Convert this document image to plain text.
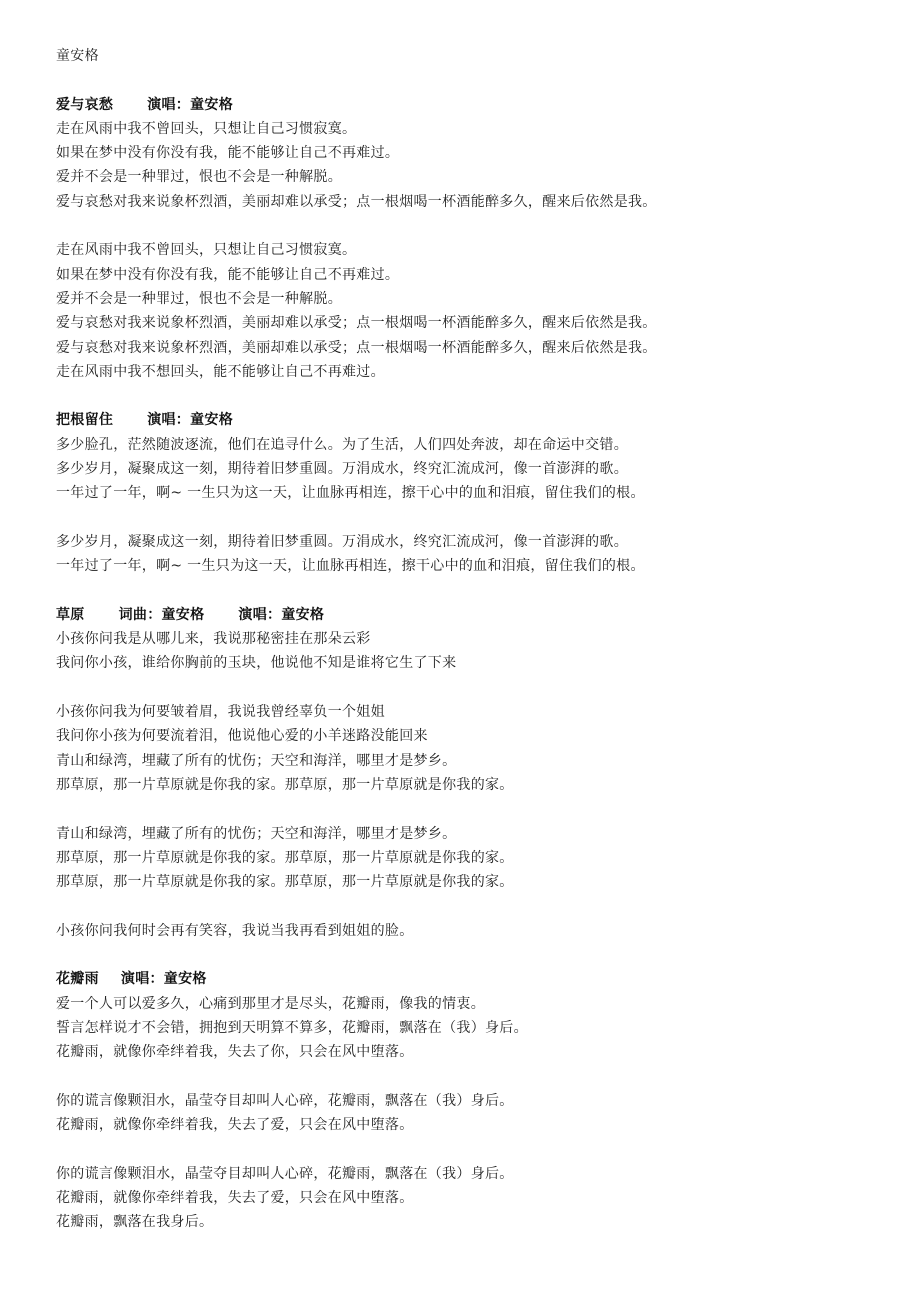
童安格
爱与哀愁 演唱：童安格
走在风雨中我不曾回头，只想让自己习惯寂寞。
如果在梦中没有你没有我，能不能够让自己不再难过。
爱并不会是一种罪过，恨也不会是一种解脱。
爱与哀愁对我来说象杯烈酒，美丽却难以承受；点一根烟喝一杯酒能醉多久，醒来后依然是我。
走在风雨中我不曾回头，只想让自己习惯寂寞。
如果在梦中没有你没有我，能不能够让自己不再难过。
爱并不会是一种罪过，恨也不会是一种解脱。
爱与哀愁对我来说象杯烈酒，美丽却难以承受；点一根烟喝一杯酒能醉多久，醒来后依然是我。
爱与哀愁对我来说象杯烈酒，美丽却难以承受；点一根烟喝一杯酒能醉多久，醒来后依然是我。
走在风雨中我不想回头，能不能够让自己不再难过。
把根留住 演唱：童安格
多少脸孔，茫然随波逐流，他们在追寻什么。为了生活，人们四处奔波，却在命运中交错。
多少岁月，凝聚成这一刻，期待着旧梦重圆。万涓成水，终究汇流成河，像一首澎湃的歌。
一年过了一年，啊~ 一生只为这一天，让血脉再相连，擦干心中的血和泪痕，留住我们的根。
多少岁月，凝聚成这一刻，期待着旧梦重圆。万涓成水，终究汇流成河，像一首澎湃的歌。
一年过了一年，啊~ 一生只为这一天，让血脉再相连，擦干心中的血和泪痕，留住我们的根。
草原 词曲：童安格 演唱：童安格
小孩你问我是从哪儿来，我说那秘密挂在那朵云彩
我问你小孩，谁给你胸前的玉块，他说他不知是谁将它生了下来
小孩你问我为何要皱着眉，我说我曾经辜负一个姐姐
我问你小孩为何要流着泪，他说他心爱的小羊迷路没能回来
青山和绿湾，埋藏了所有的忧伤；天空和海洋，哪里才是梦乡。
那草原，那一片草原就是你我的家。那草原，那一片草原就是你我的家。
青山和绿湾，埋藏了所有的忧伤；天空和海洋，哪里才是梦乡。
那草原，那一片草原就是你我的家。那草原，那一片草原就是你我的家。
那草原，那一片草原就是你我的家。那草原，那一片草原就是你我的家。
小孩你问我何时会再有笑容，我说当我再看到姐姐的脸。
花瓣雨 演唱：童安格
爱一个人可以爱多久，心痛到那里才是尽头，花瓣雨，像我的情衷。
誓言怎样说才不会错，拥抱到天明算不算多，花瓣雨，飘落在（我）身后。
花瓣雨，就像你牵绊着我，失去了你，只会在风中堕落。
你的谎言像颗泪水，晶莹夺目却叫人心碎，花瓣雨，飘落在（我）身后。
花瓣雨，就像你牵绊着我，失去了爱，只会在风中堕落。
你的谎言像颗泪水，晶莹夺目却叫人心碎，花瓣雨，飘落在（我）身后。
花瓣雨，就像你牵绊着我，失去了爱，只会在风中堕落。
花瓣雨，飘落在我身后。
